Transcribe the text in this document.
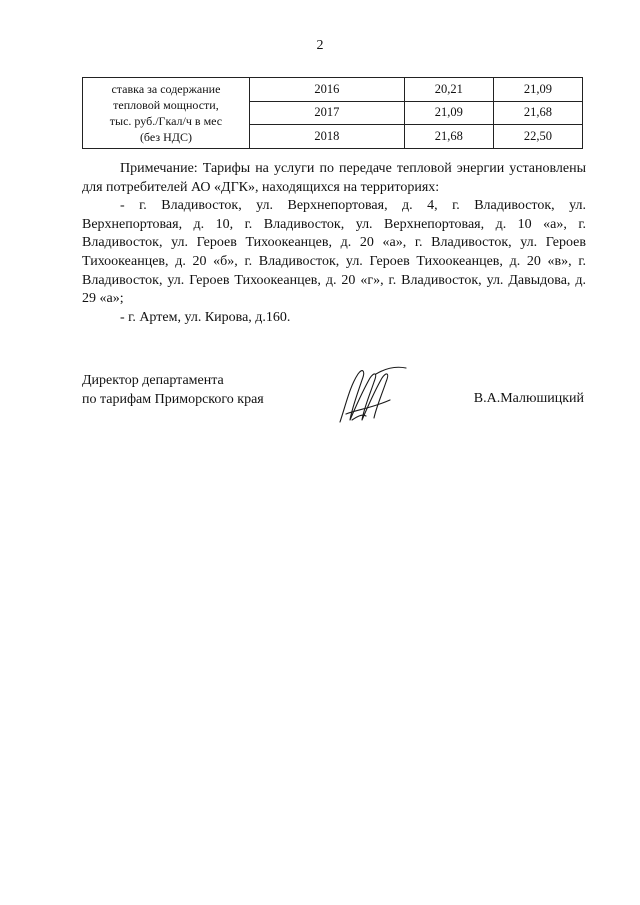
2
ставка за содержание
тепловой мощности,
тыс. руб./Гкал/ч в мес
(без НДС)	2016	20,21	21,09
	2017	21,09	21,68
	2018	21,68	22,50

Примечание: Тарифы на услуги по передаче тепловой энергии установлены для потребителей АО «ДГК», находящихся на территориях:

- г. Владивосток, ул. Верхнепортовая, д. 4, г. Владивосток, ул. Верхнепортовая, д. 10, г. Владивосток, ул. Верхнепортовая, д. 10 «а», г. Владивосток, ул. Героев Тихоокеанцев, д. 20 «а», г. Владивосток, ул. Героев Тихоокеанцев, д. 20 «б», г. Владивосток, ул. Героев Тихоокеанцев, д. 20 «в», г. Владивосток, ул. Героев Тихоокеанцев, д. 20 «г», г. Владивосток, ул. Давыдова, д. 29 «а»;

- г. Артем, ул. Кирова, д.160.

Директор департамента
по тарифам Приморского края	В.А.Малюшицкий
